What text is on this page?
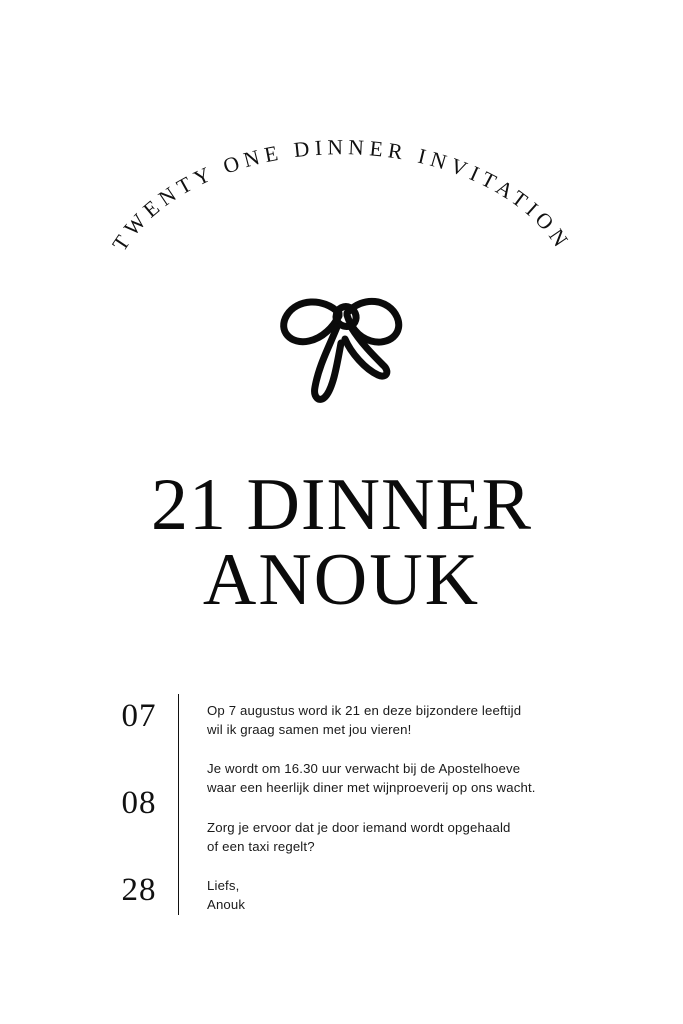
TWENTY ONE DINNER INVITATION
21 DINNER
ANOUK
07
08
28

Op 7 augustus word ik 21 en deze bijzondere leeftijd
wil ik graag samen met jou vieren!

Je wordt om 16.30 uur verwacht bij de Apostelhoeve
waar een heerlijk diner met wijnproeverij op ons wacht.

Zorg je ervoor dat je door iemand wordt opgehaald
of een taxi regelt?

Liefs,
Anouk
